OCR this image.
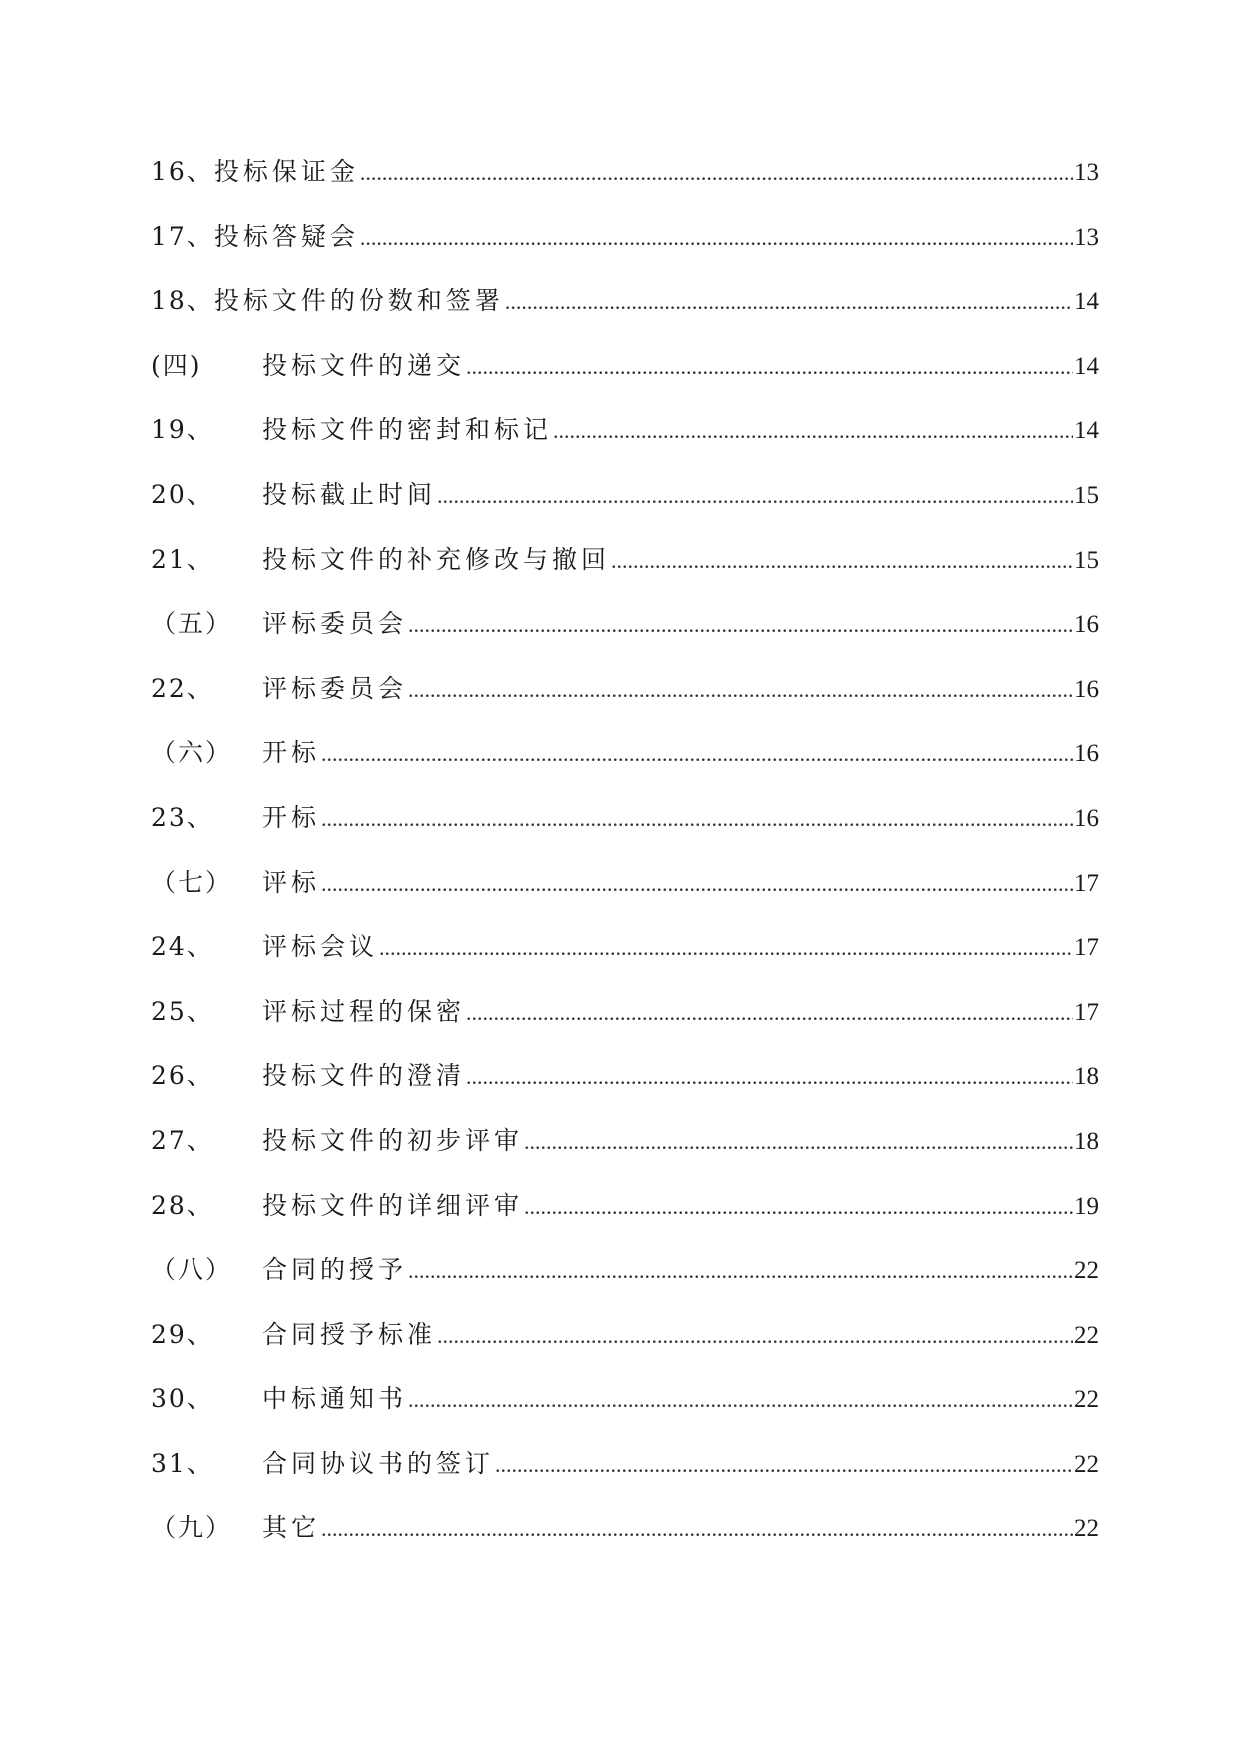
16、 投标保证金 .....	13
17、 投标答疑会 .....	13
18、 投标文件的份数和签署 .....	14
(四)	投标文件的递交 .....	14
19、	投标文件的密封和标记 .....	14
20、	投标截止时间 .....	15
21、	投标文件的补充修改与撤回 .....	15
（五）	评标委员会 .....	16
22、	评标委员会 .....	16
（六）	开标 .....	16
23、	开标 .....	16
（七）	评标 .....	17
24、	评标会议 .....	17
25、	评标过程的保密 .....	17
26、	投标文件的澄清 .....	18
27、	投标文件的初步评审 .....	18
28、	投标文件的详细评审 .....	19
（八）	合同的授予 .....	22
29、	合同授予标准 .....	22
30、	中标通知书 .....	22
31、	合同协议书的签订 .....	22
（九）	其它 .....	22
